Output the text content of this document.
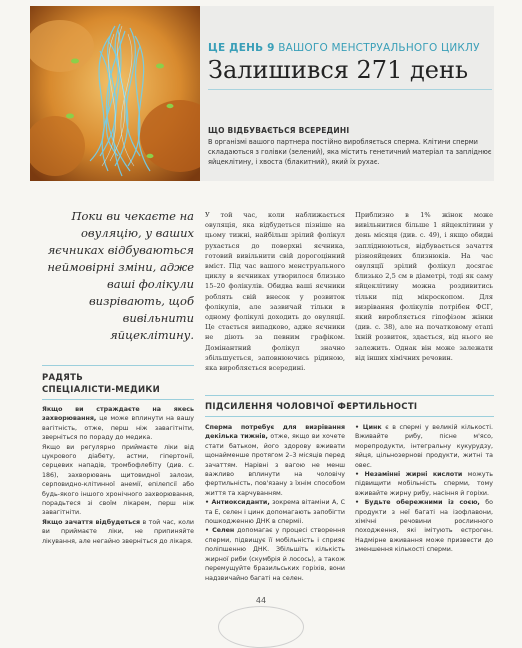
ЦЕ ДЕНЬ 9 ВАШОГО МЕНСТРУАЛЬНОГО ЦИКЛУ
Залишився 271 день
ЩО ВІДБУВАЄТЬСЯ ВСЕРЕДИНІ
В організмі вашого партнера постійно виробляється сперма. Клітини сперми складаються з голівки (зелений), яка містить генетичний матеріал та запліднює яйцеклітину, і хвоста (блакитний), який їх рухає.
Поки ви чекаєте на овуляцію, у ваших яєчниках відбуваються неймовірні зміни, адже ваші фолікули визрівають, щоб вивільнити яйцеклітину.
РАДЯТЬ
СПЕЦІАЛІСТИ-МЕДИКИ
Якщо ви страждаєте на якесь захворювання, це може вплинути на вашу вагітність, отже, перш ніж завагітніти, зверніться по пораду до медика.
Якщо ви регулярно приймаєте ліки від цукрового діабету, астми, гіпертонії, серцевих нападів, тромбофлебіту (див. с. 186), захворювань щитовидної залози, серповидно-клітинної анемії, епілепсії або будь-якого іншого хронічного захворювання, порадьтеся зі своїм лікарем, перш ніж завагітніти.
Якщо зачаття відбудеться в той час, коли ви приймаєте ліки, не припиняйте лікування, але негайно зверніться до лікаря.
У той час, коли наближається овуляція, яка відбудеться пізніше на цьому тижні, найбільш зрілий фолікул рухається до поверхні яєчника, готовий вивільнити свій дорогоцінний вміст. Під час вашого менструального циклу в яєчниках утворилося близько 15–20 фолікулів. Обидва ваші яєчники роблять свій внесок у розвиток фолікулів, але зазвичай тільки в одному фолікулі доходить до овуляції. Це стається випадково, адже яєчники не діють за певним графіком. Домінантний фолікул значно збільшується, заповнюючись рідиною, яка виробляється всередині.
Приблизно в 1% жінок може вивільнитися більше 1 яйцеклітини у день місяця (див. с. 49), і якщо обидві запліднюються, відбувається зачаття різнояйцевих близнюків. На час овуляції зрілий фолікул досягає близько 2,5 см в діаметрі, тоді як саму яйцеклітину можна роздивитись тільки під мікроскопом. Для визрівання фолікулів потрібен ФСГ, який виробляється гіпофізом жінки (див. с. 38), але на початковому етапі їхній розвиток, здається, від нього не залежить. Однак він може залежати від інших хімічних речовин.
ПІДСИЛЕННЯ ЧОЛОВІЧОЇ ФЕРТИЛЬНОСТІ
Сперма потребує для визрівання декілька тижнів, отже, якщо ви хочете стати батьком, його здорову вживати щонайменше протягом 2–3 місяців перед зачаттям. Нарівні з вагою не менш важливо вплинути на чоловічу фертильність, пов'язану з їхнім способом життя та харчуванням.
• Антиоксиданти, зокрема вітаміни А, С та Е, селен і цинк допомагають запобігти пошкодженню ДНК в сперміі.
• Селен допомагає у процесі створення сперми, підвищує її мобільність і сприяє поліпшенню ДНК. Збільшіть кількість жирної риби (скумбрія й лосось), а також перемущуйте бразильських горіхів, вони надзвичайно багаті на селен.
• Цинк є в спермі у великій кількості. Вживайте рибу, пісне м'ясо, морепродукти, інтегральну кукурудзу, яйця, цільнозернові продукти, житні та овес.
• Незамінні жирні кислоти можуть підвищити мобільність сперми, тому вживайте жирну рибу, насіння й горіхи.
• Будьте обережними із соєю, бо продукти з неї багаті на ізофлавони, хімічні речовини рослинного походження, які імітують естроген. Надмірне вживання може призвести до зменшення кількості сперми.
44
